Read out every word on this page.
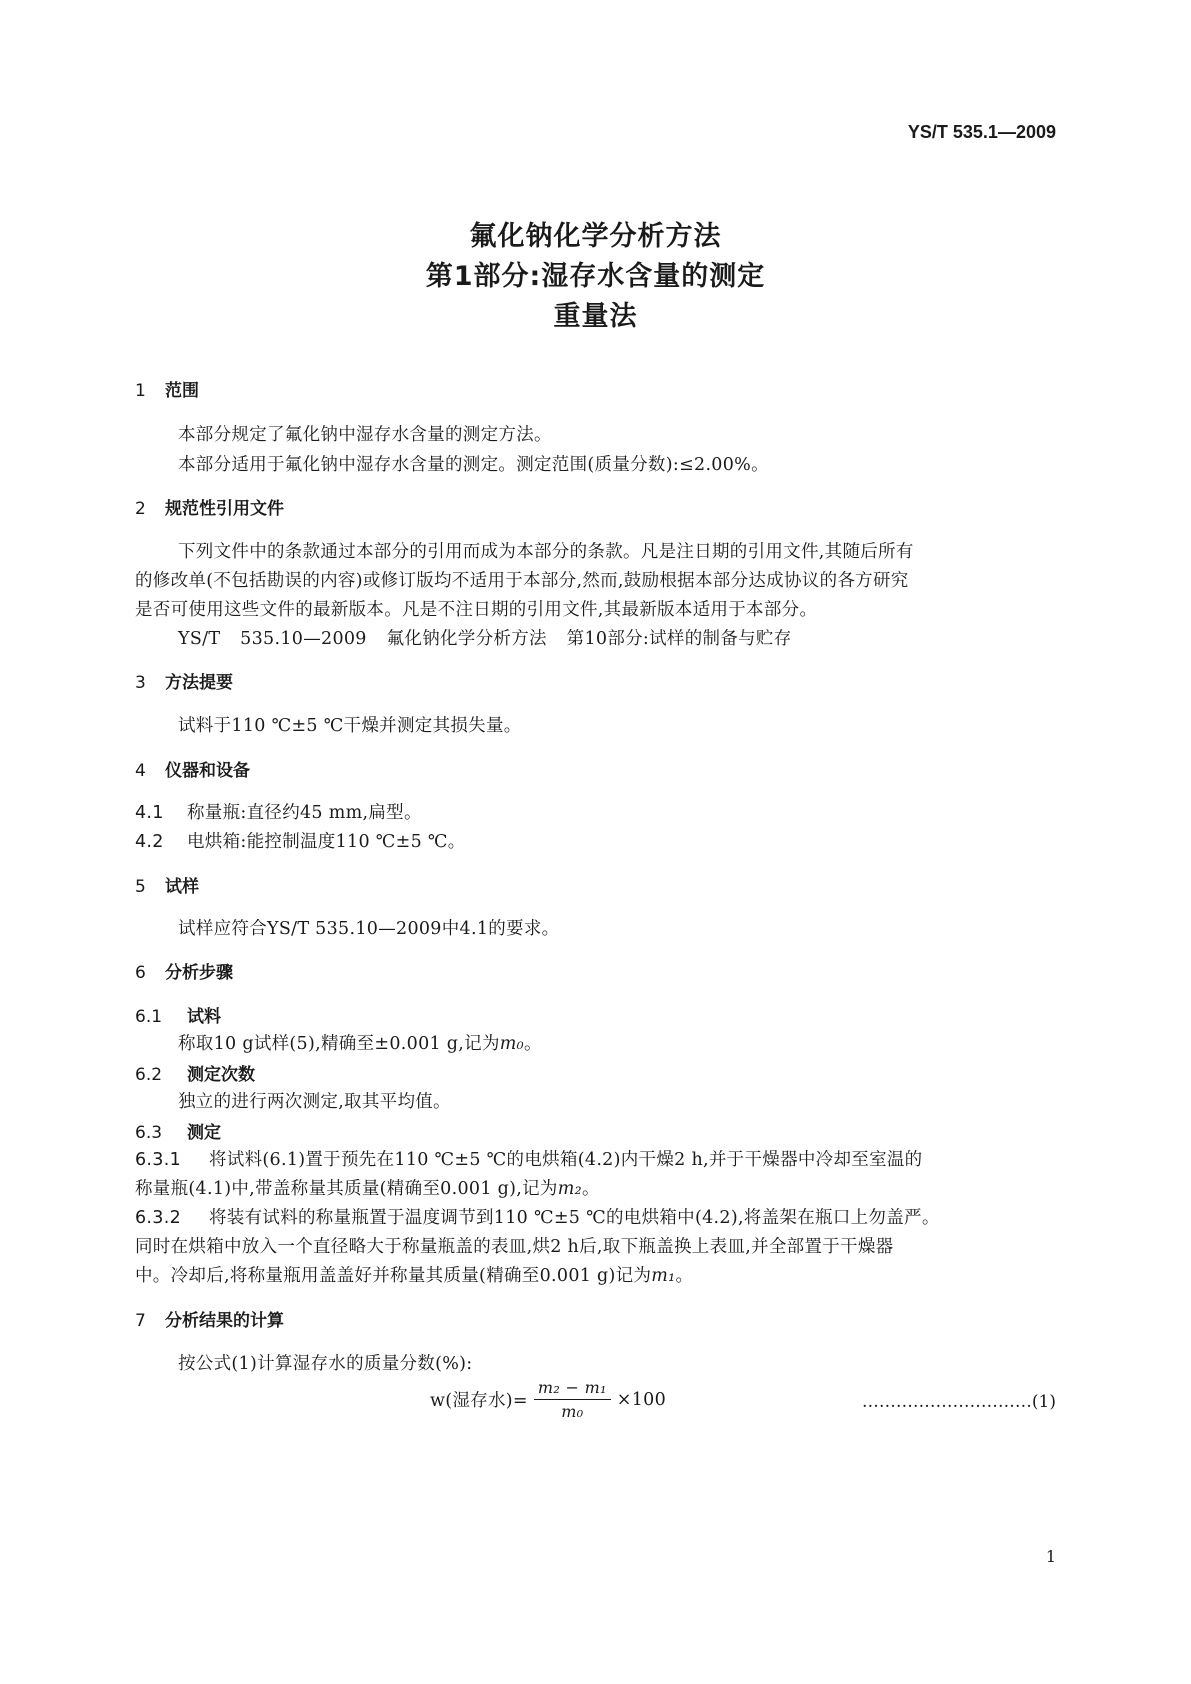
YS/T 535.1—2009
氟化钠化学分析方法
第1部分:湿存水含量的测定
重量法
1 范围
本部分规定了氟化钠中湿存水含量的测定方法。
本部分适用于氟化钠中湿存水含量的测定。测定范围(质量分数):≤2.00%。
2 规范性引用文件
下列文件中的条款通过本部分的引用而成为本部分的条款。凡是注日期的引用文件,其随后所有
的修改单(不包括勘误的内容)或修订版均不适用于本部分,然而,鼓励根据本部分达成协议的各方研究
是否可使用这些文件的最新版本。凡是不注日期的引用文件,其最新版本适用于本部分。
YS/T 535.10—2009 氟化钠化学分析方法 第10部分:试样的制备与贮存
3 方法提要
试料于110 ℃±5 ℃干燥并测定其损失量。
4 仪器和设备
4.1 称量瓶:直径约45 mm,扁型。
4.2 电烘箱:能控制温度110 ℃±5 ℃。
5 试样
试样应符合YS/T 535.10—2009中4.1的要求。
6 分析步骤
6.1 试料
称取10 g试样(5),精确至±0.001 g,记为m₀。
6.2 测定次数
独立的进行两次测定,取其平均值。
6.3 测定
6.3.1 将试料(6.1)置于预先在110 ℃±5 ℃的电烘箱(4.2)内干燥2 h,并于干燥器中冷却至室温的
称量瓶(4.1)中,带盖称量其质量(精确至0.001 g),记为m₂。
6.3.2 将装有试料的称量瓶置于温度调节到110 ℃±5 ℃的电烘箱中(4.2),将盖架在瓶口上勿盖严。
同时在烘箱中放入一个直径略大于称量瓶盖的表皿,烘2 h后,取下瓶盖换上表皿,并全部置于干燥器
中。冷却后,将称量瓶用盖盖好并称量其质量(精确至0.001 g)记为m₁。
7 分析结果的计算
按公式(1)计算湿存水的质量分数(%):
w(湿存水)= $\frac{\text{m₂ − m₁}}{\text{m₀}} \times 100$	…………………………(1)
1
